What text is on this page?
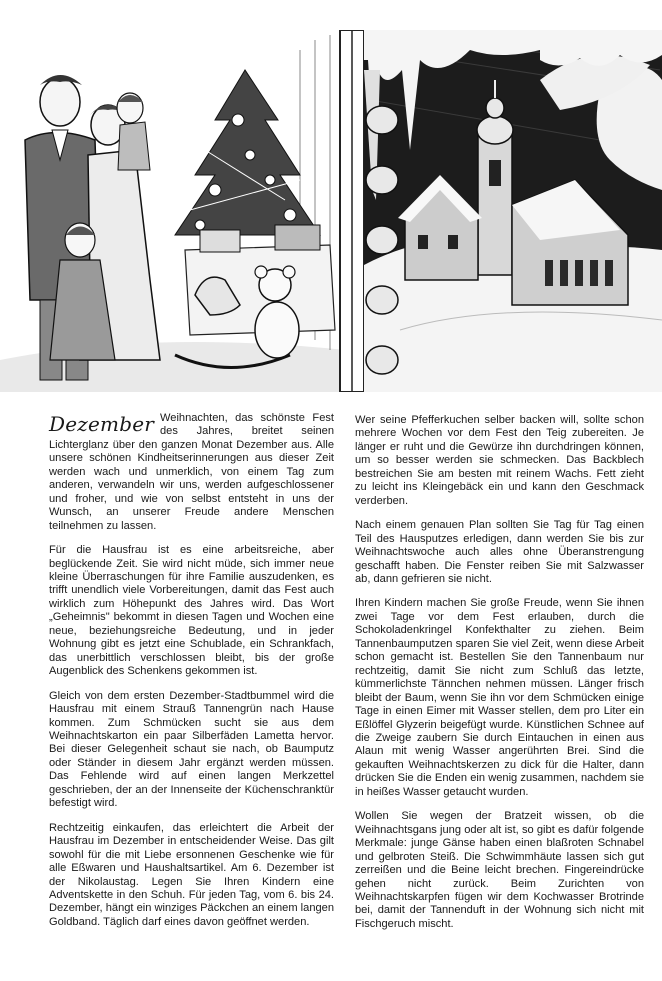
Dezember Weihnachten, das schönste Fest des Jahres, breitet seinen Lichterglanz über den ganzen Monat Dezember aus. Alle unsere schönen Kindheitserinnerungen aus dieser Zeit werden wach und unmerklich, von einem Tag zum anderen, verwandeln wir uns, werden aufgeschlossener und froher, und wie von selbst entsteht in uns der Wunsch, an unserer Freude andere Menschen teilnehmen zu lassen.

Für die Hausfrau ist es eine arbeitsreiche, aber beglückende Zeit. Sie wird nicht müde, sich immer neue kleine Überraschungen für ihre Familie auszudenken, es trifft unendlich viele Vorbereitungen, damit das Fest auch wirklich zum Höhepunkt des Jahres wird. Das Wort „Geheimnis" bekommt in diesen Tagen und Wochen eine neue, beziehungsreiche Bedeutung, und in jeder Wohnung gibt es jetzt eine Schublade, ein Schrankfach, das unerbittlich verschlossen bleibt, bis der große Augenblick des Schenkens gekommen ist.

Gleich von dem ersten Dezember-Stadtbummel wird die Hausfrau mit einem Strauß Tannengrün nach Hause kommen. Zum Schmücken sucht sie aus dem Weihnachtskarton ein paar Silberfäden Lametta hervor. Bei dieser Gelegenheit schaut sie nach, ob Baumputz oder Ständer in diesem Jahr ergänzt werden müssen. Das Fehlende wird auf einen langen Merkzettel geschrieben, der an der Innenseite der Küchenschranktür befestigt wird.

Rechtzeitig einkaufen, das erleichtert die Arbeit der Hausfrau im Dezember in entscheidender Weise. Das gilt sowohl für die mit Liebe ersonnenen Geschenke wie für alle Eßwaren und Haushaltsartikel. Am 6. Dezember ist der Nikolaustag. Legen Sie Ihren Kindern eine Adventskette in den Schuh. Für jeden Tag, vom 6. bis 24. Dezember, hängt ein winziges Päckchen an einem langen Goldband. Täglich darf eines davon geöffnet werden.

Wer seine Pfefferkuchen selber backen will, sollte schon mehrere Wochen vor dem Fest den Teig zubereiten. Je länger er ruht und die Gewürze ihn durchdringen können, um so besser werden sie schmecken. Das Backblech bestreichen Sie am besten mit reinem Wachs. Fett zieht zu leicht ins Kleingebäck ein und kann den Geschmack verderben.

Nach einem genauen Plan sollten Sie Tag für Tag einen Teil des Hausputzes erledigen, dann werden Sie bis zur Weihnachtswoche auch alles ohne Überanstrengung geschafft haben. Die Fenster reiben Sie mit Salzwasser ab, dann gefrieren sie nicht.

Ihren Kindern machen Sie große Freude, wenn Sie ihnen zwei Tage vor dem Fest erlauben, durch die Schokoladenkringel Konfekthalter zu ziehen. Beim Tannenbaumputzen sparen Sie viel Zeit, wenn diese Arbeit schon gemacht ist. Bestellen Sie den Tannenbaum nur rechtzeitig, damit Sie nicht zum Schluß das letzte, kümmerlichste Tännchen nehmen müssen. Länger frisch bleibt der Baum, wenn Sie ihn vor dem Schmücken einige Tage in einen Eimer mit Wasser stellen, dem pro Liter ein Eßlöffel Glyzerin beigefügt wurde. Künstlichen Schnee auf die Zweige zaubern Sie durch Eintauchen in einen aus Alaun mit wenig Wasser angerührten Brei. Sind die gekauften Weihnachtskerzen zu dick für die Halter, dann drücken Sie die Enden ein wenig zusammen, nachdem sie in heißes Wasser getaucht wurden.

Wollen Sie wegen der Bratzeit wissen, ob die Weihnachtsgans jung oder alt ist, so gibt es dafür folgende Merkmale: junge Gänse haben einen blaßroten Schnabel und gelbroten Steiß. Die Schwimmhäute lassen sich gut zerreißen und die Beine leicht brechen. Fingereindrücke gehen nicht zurück. Beim Zurichten von Weihnachtskarpfen fügen wir dem Kochwasser Brotrinde bei, damit der Tannenduft in der Wohnung sich nicht mit Fischgeruch mischt.
